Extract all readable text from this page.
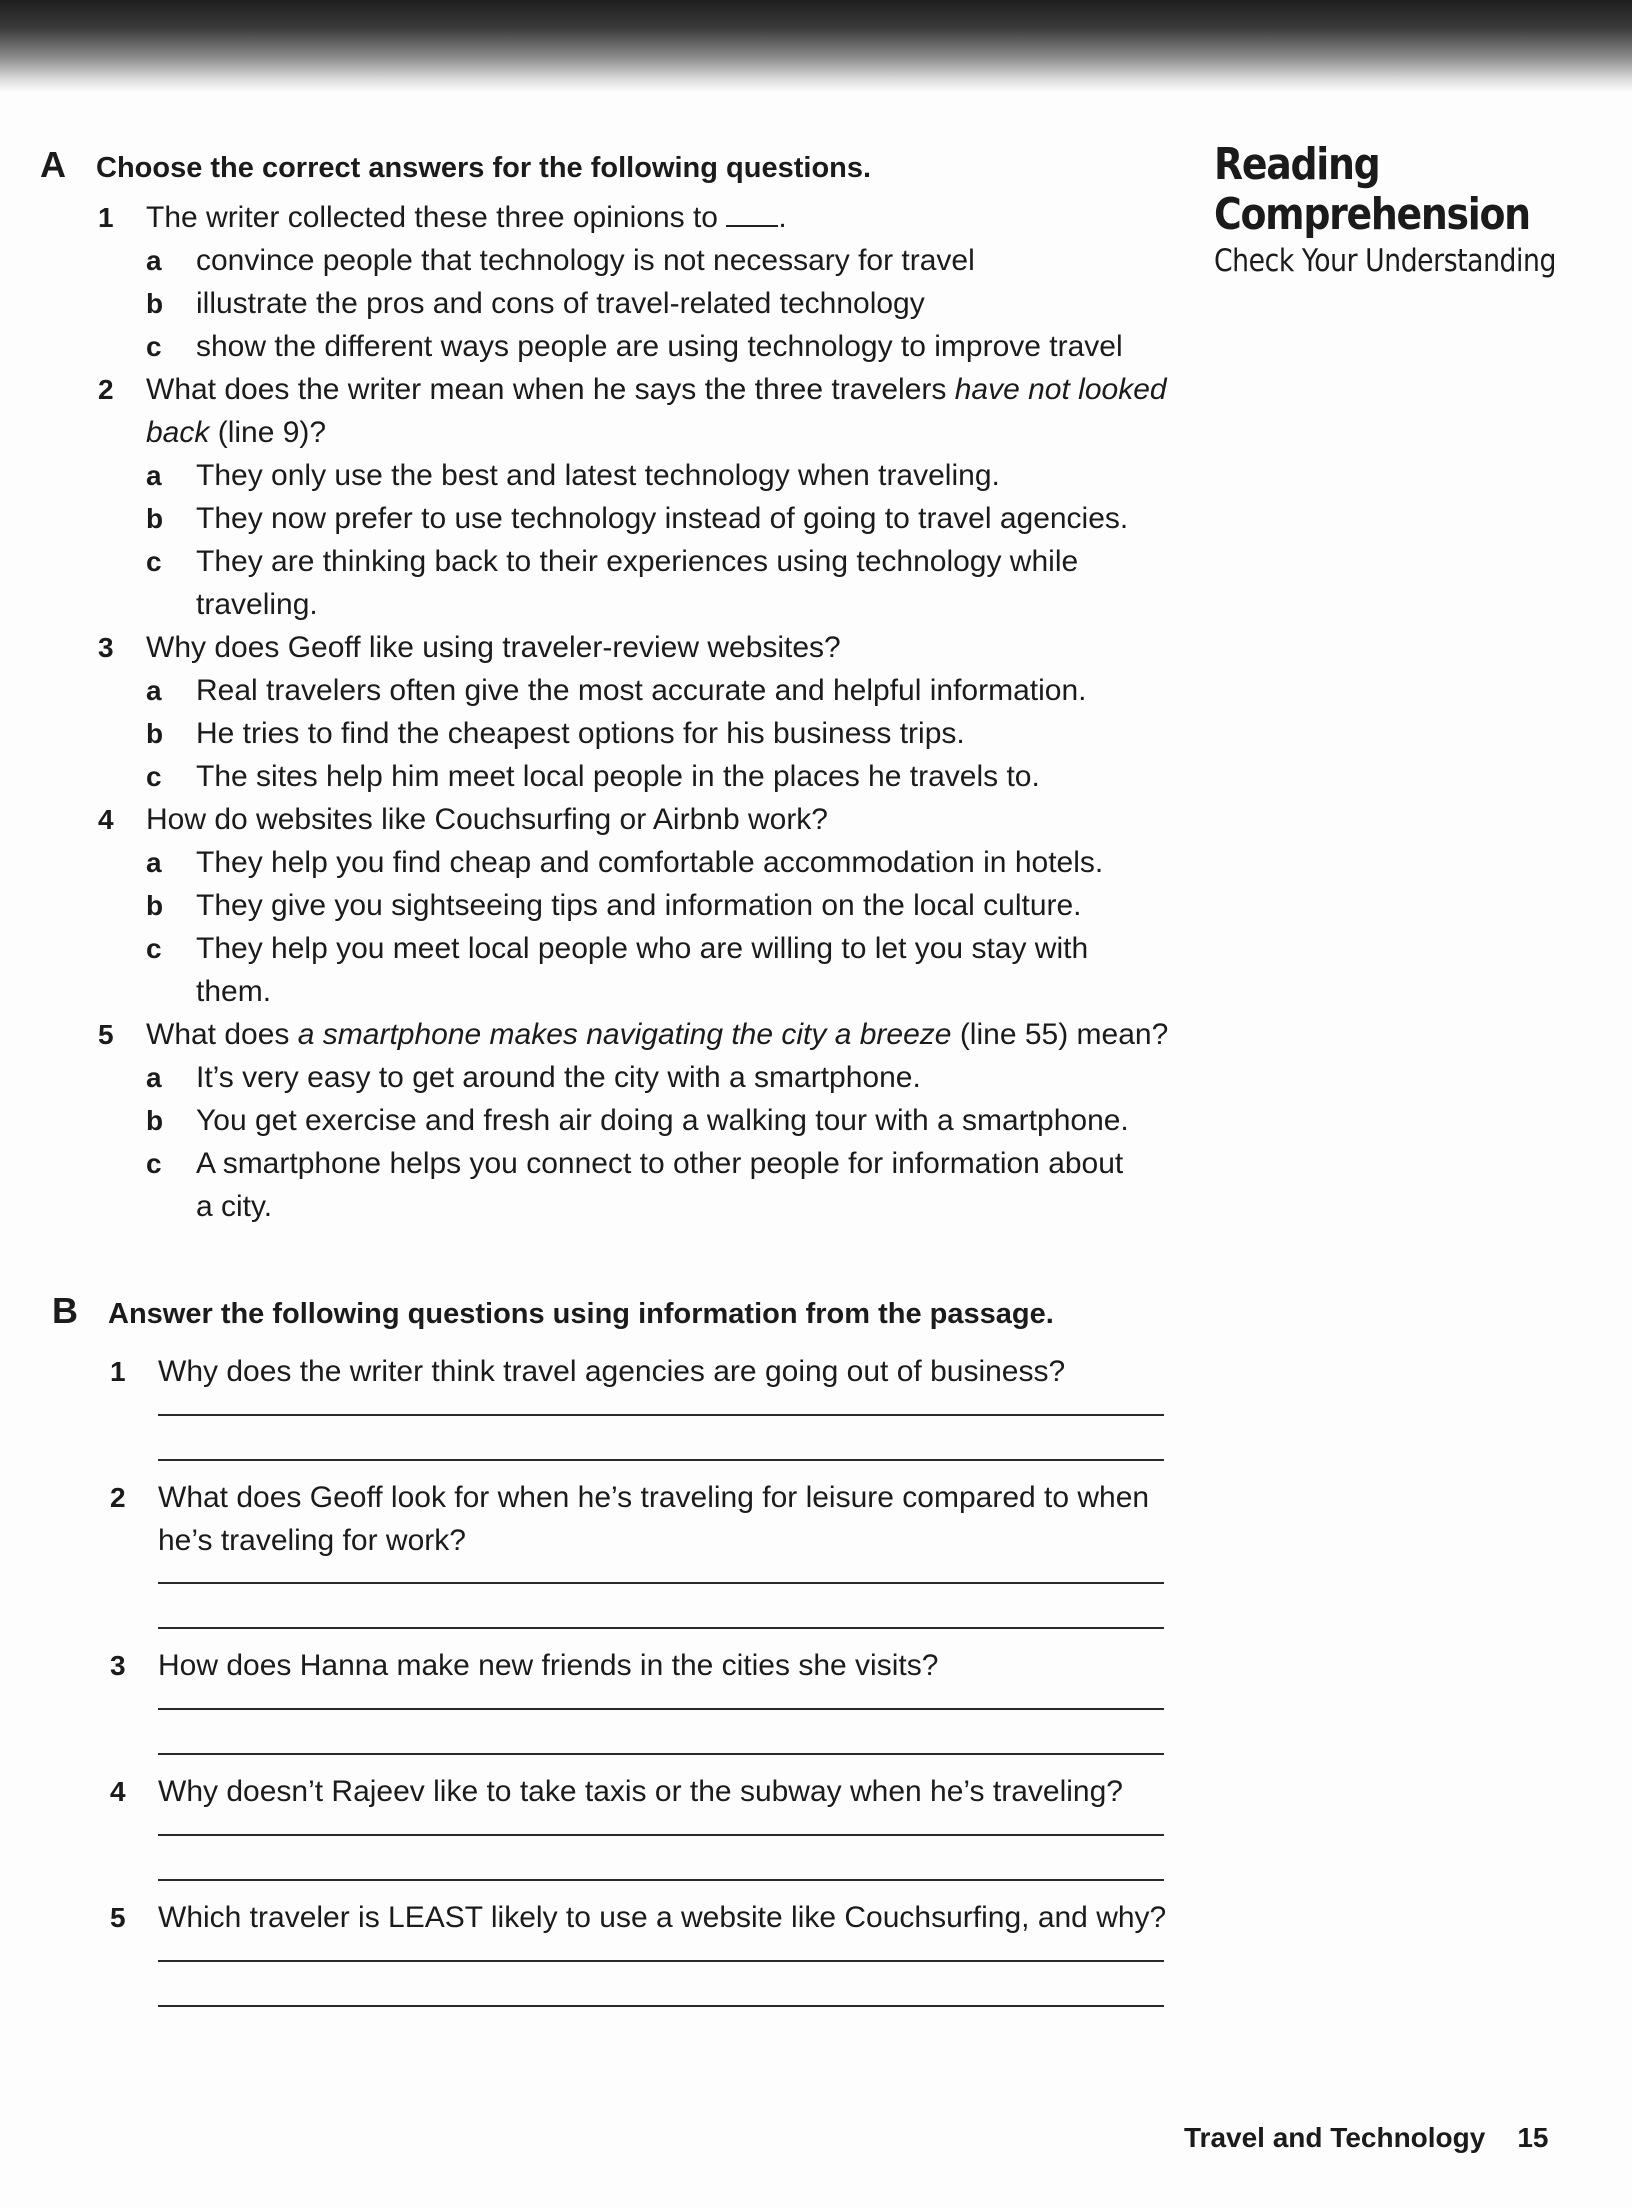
Reading
Comprehension
Check Your Understanding
A Choose the correct answers for the following questions.
1 The writer collected these three opinions to .
a convince people that technology is not necessary for travel
b illustrate the pros and cons of travel-related technology
c show the different ways people are using technology to improve travel
2 What does the writer mean when he says the three travelers have not looked back (line 9)?
a They only use the best and latest technology when traveling.
b They now prefer to use technology instead of going to travel agencies.
c They are thinking back to their experiences using technology while traveling.
3 Why does Geoff like using traveler-review websites?
a Real travelers often give the most accurate and helpful information.
b He tries to find the cheapest options for his business trips.
c The sites help him meet local people in the places he travels to.
4 How do websites like Couchsurfing or Airbnb work?
a They help you find cheap and comfortable accommodation in hotels.
b They give you sightseeing tips and information on the local culture.
c They help you meet local people who are willing to let you stay with them.
5 What does a smartphone makes navigating the city a breeze (line 55) mean?
a It’s very easy to get around the city with a smartphone.
b You get exercise and fresh air doing a walking tour with a smartphone.
c A smartphone helps you connect to other people for information about a city.
B Answer the following questions using information from the passage.
1 Why does the writer think travel agencies are going out of business?
2 What does Geoff look for when he’s traveling for leisure compared to when he’s traveling for work?
3 How does Hanna make new friends in the cities she visits?
4 Why doesn’t Rajeev like to take taxis or the subway when he’s traveling?
5 Which traveler is LEAST likely to use a website like Couchsurfing, and why?
Travel and Technology 15
